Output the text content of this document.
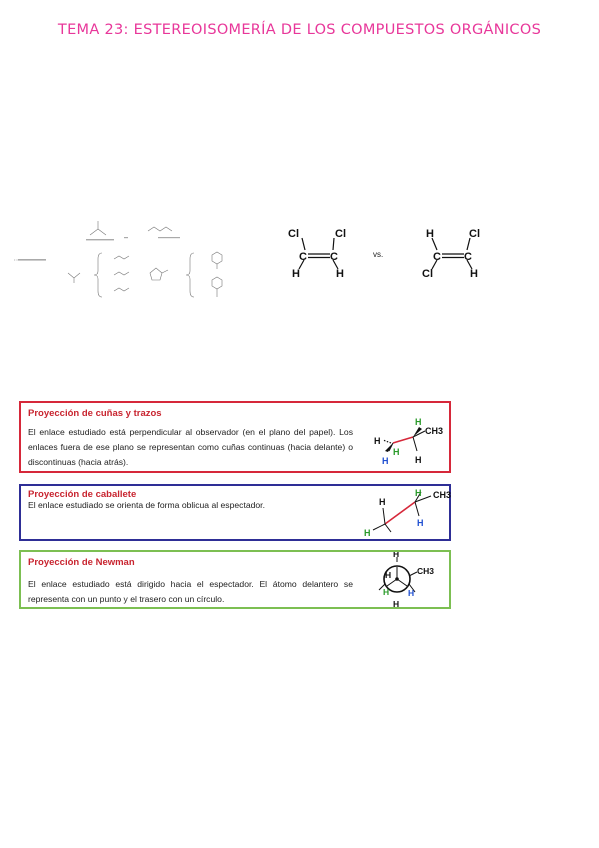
TEMA 23: ESTEREOISOMERÍA DE LOS COMPUESTOS ORGÁNICOS
Cl	Cl
C C
H	H
vs.
H	Cl
C C
Cl	H
Proyección de cuñas y trazos
El enlace estudiado está perpendicular al observador (en el plano del papel). Los enlaces fuera de ese plano se representan como cuñas continuas (hacia delante) o discontinuas (hacia atrás).
H
H
H
CH3
H
H
Proyección de caballete
El enlace estudiado se orienta de forma oblicua al espectador.	H
CH3
H
H
H
Proyección de Newman
El enlace estudiado está dirigido hacia el espectador. El átomo delantero se representa con un punto y el trasero con un círculo.
H
CH3
H
H
H
H
